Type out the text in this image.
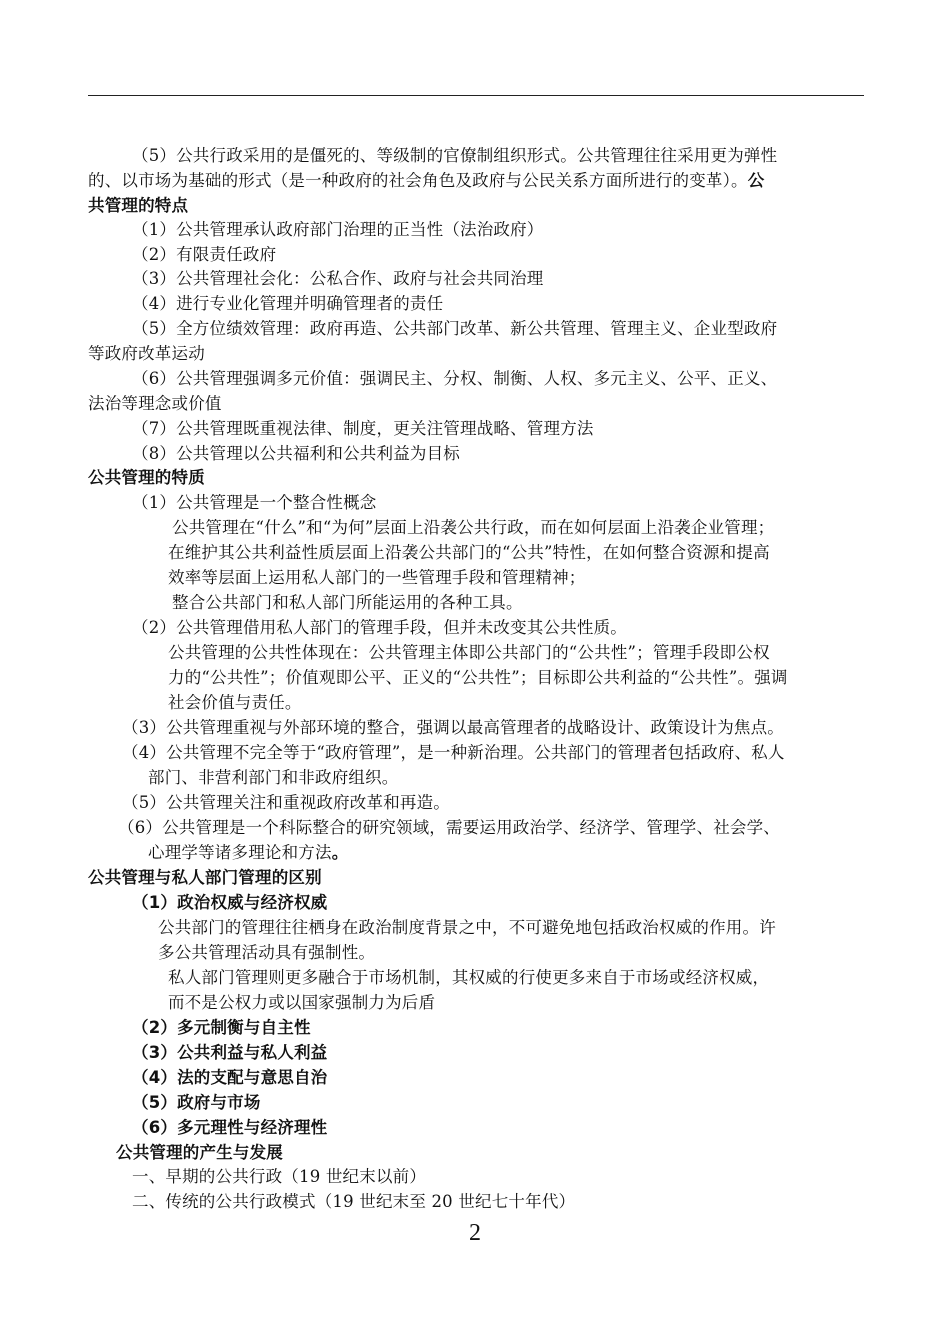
（5）公共行政采用的是僵死的、等级制的官僚制组织形式。公共管理往往采用更为弹性
的、以市场为基础的形式（是一种政府的社会角色及政府与公民关系方面所进行的变革）。公
共管理的特点
（1）公共管理承认政府部门治理的正当性（法治政府）
（2）有限责任政府
（3）公共管理社会化：公私合作、政府与社会共同治理
（4）进行专业化管理并明确管理者的责任
（5）全方位绩效管理：政府再造、公共部门改革、新公共管理、管理主义、企业型政府
等政府改革运动
（6）公共管理强调多元价值：强调民主、分权、制衡、人权、多元主义、公平、正义、
法治等理念或价值
（7）公共管理既重视法律、制度，更关注管理战略、管理方法
（8）公共管理以公共福利和公共利益为目标
公共管理的特质
（1）公共管理是一个整合性概念
公共管理在“什么”和“为何”层面上沿袭公共行政，而在如何层面上沿袭企业管理；
在维护其公共利益性质层面上沿袭公共部门的“公共”特性，在如何整合资源和提高
效率等层面上运用私人部门的一些管理手段和管理精神；
整合公共部门和私人部门所能运用的各种工具。
（2）公共管理借用私人部门的管理手段，但并未改变其公共性质。
公共管理的公共性体现在：公共管理主体即公共部门的“公共性”；管理手段即公权
力的“公共性”；价值观即公平、正义的“公共性”；目标即公共利益的“公共性”。强调
社会价值与责任。
（3）公共管理重视与外部环境的整合，强调以最高管理者的战略设计、政策设计为焦点。
（4）公共管理不完全等于“政府管理”，是一种新治理。公共部门的管理者包括政府、私人
部门、非营利部门和非政府组织。
（5）公共管理关注和重视政府改革和再造。
（6）公共管理是一个科际整合的研究领域，需要运用政治学、经济学、管理学、社会学、
心理学等诸多理论和方法。
公共管理与私人部门管理的区别
（1）政治权威与经济权威
公共部门的管理往往栖身在政治制度背景之中，不可避免地包括政治权威的作用。许
多公共管理活动具有强制性。
私人部门管理则更多融合于市场机制，其权威的行使更多来自于市场或经济权威，
而不是公权力或以国家强制力为后盾
（2）多元制衡与自主性
（3）公共利益与私人利益
（4）法的支配与意思自治
（5）政府与市场
（6）多元理性与经济理性
公共管理的产生与发展
一、早期的公共行政（19 世纪末以前）
二、传统的公共行政模式（19 世纪末至 20 世纪七十年代）
2
